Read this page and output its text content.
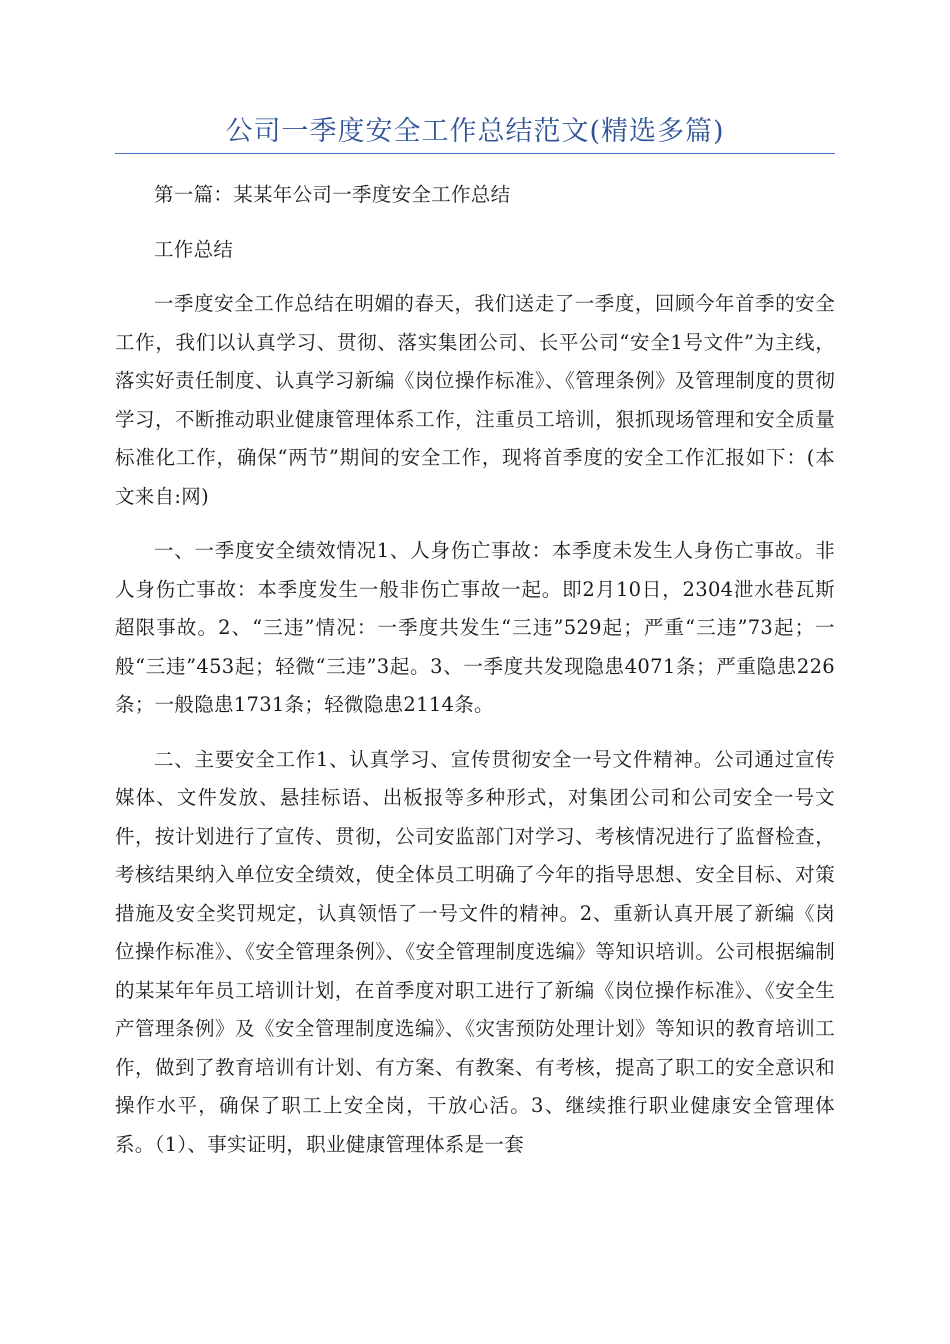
公司一季度安全工作总结范文(精选多篇)

第一篇：某某年公司一季度安全工作总结

工作总结

一季度安全工作总结在明媚的春天，我们送走了一季度，回顾今年首季的安全工作，我们以认真学习、贯彻、落实集团公司、长平公司“安全1号文件”为主线，落实好责任制度、认真学习新编《岗位操作标准》、《管理条例》及管理制度的贯彻学习，不断推动职业健康管理体系工作，注重员工培训，狠抓现场管理和安全质量标准化工作，确保“两节”期间的安全工作，现将首季度的安全工作汇报如下：(本文来自:网)

一、一季度安全绩效情况1、人身伤亡事故：本季度未发生人身伤亡事故。非人身伤亡事故：本季度发生一般非伤亡事故一起。即2月10日，2304泄水巷瓦斯超限事故。2、“三违”情况：一季度共发生“三违”529起；严重“三违”73起；一般“三违”453起；轻微“三违”3起。3、一季度共发现隐患4071条；严重隐患226条；一般隐患1731条；轻微隐患2114条。

二、主要安全工作1、认真学习、宣传贯彻安全一号文件精神。公司通过宣传媒体、文件发放、悬挂标语、出板报等多种形式，对集团公司和公司安全一号文件，按计划进行了宣传、贯彻，公司安监部门对学习、考核情况进行了监督检查，考核结果纳入单位安全绩效，使全体员工明确了今年的指导思想、安全目标、对策措施及安全奖罚规定，认真领悟了一号文件的精神。2、重新认真开展了新编《岗位操作标准》、《安全管理条例》、《安全管理制度选编》等知识培训。公司根据编制的某某年年员工培训计划，在首季度对职工进行了新编《岗位操作标准》、《安全生产管理条例》及《安全管理制度选编》、《灾害预防处理计划》等知识的教育培训工作，做到了教育培训有计划、有方案、有教案、有考核，提高了职工的安全意识和操作水平，确保了职工上安全岗，干放心活。3、继续推行职业健康安全管理体系。（1）、事实证明，职业健康管理体系是一套
